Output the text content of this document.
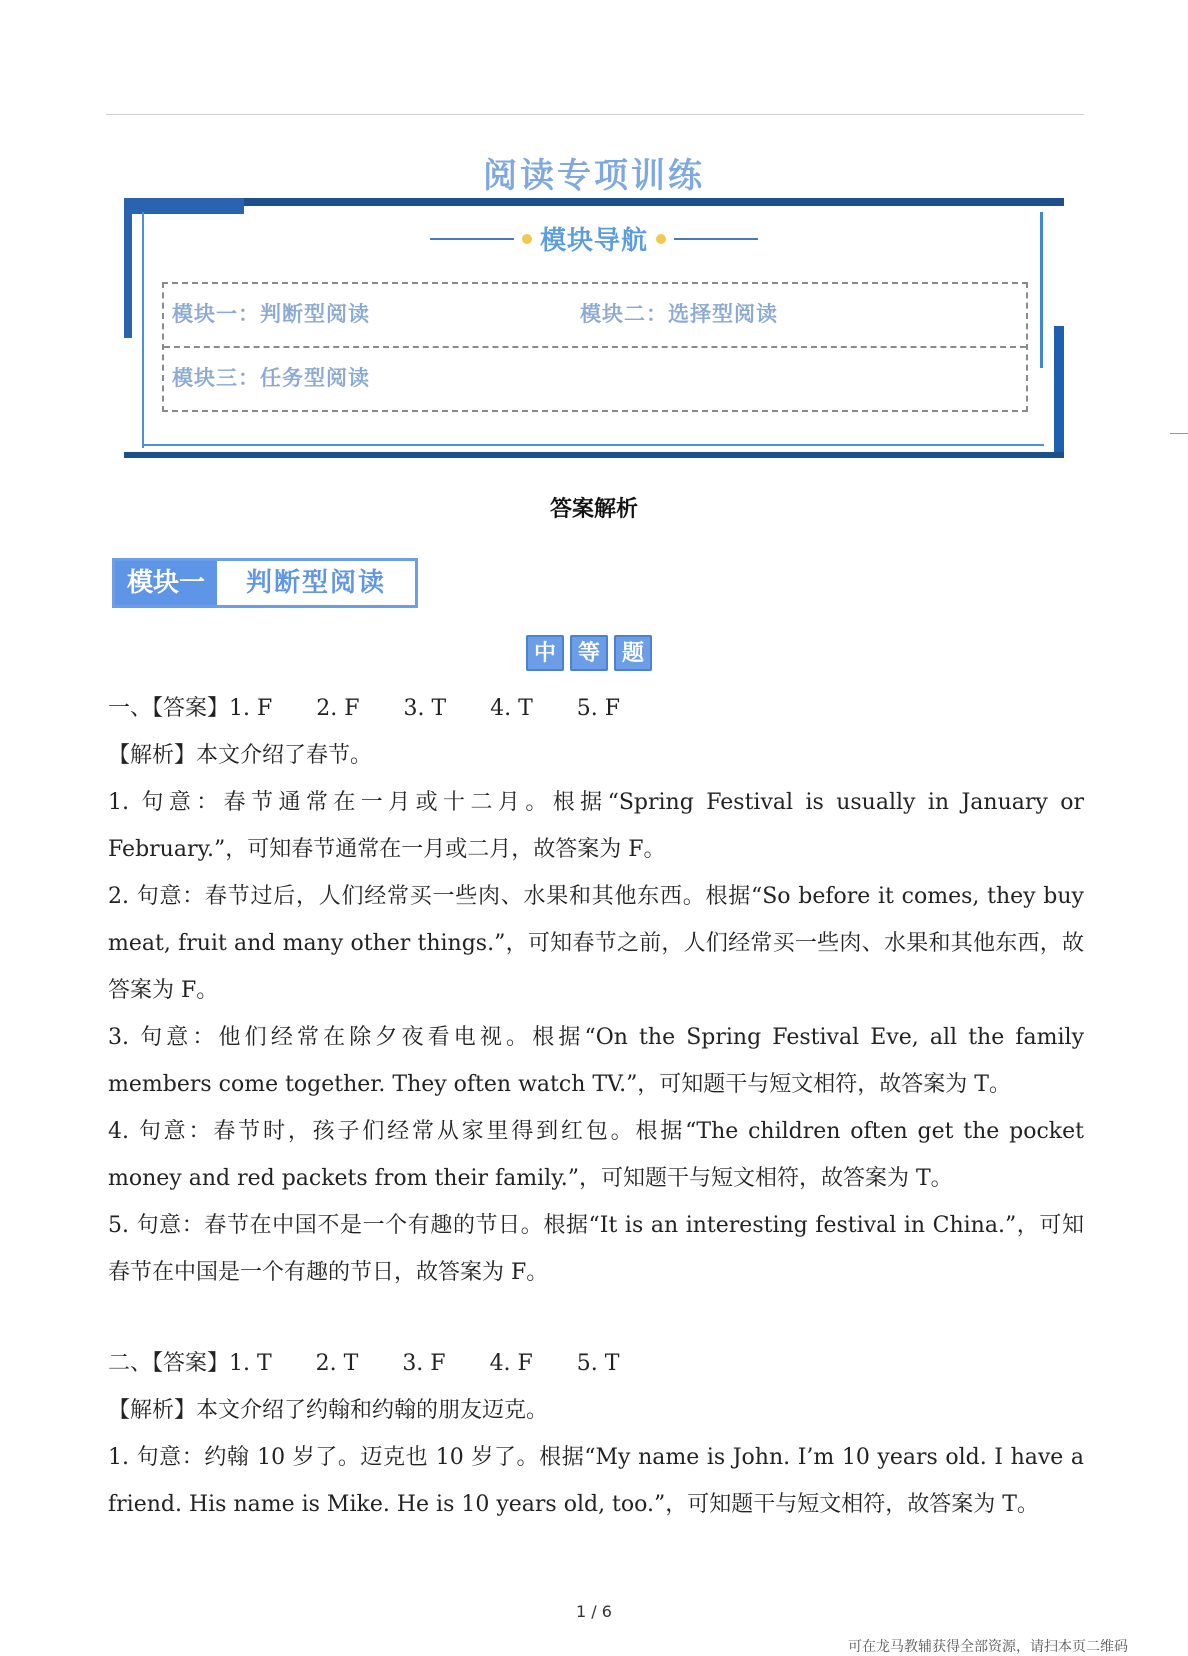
阅读专项训练
模块导航
模块一：判断型阅读	模块二：选择型阅读
模块三：任务型阅读
答案解析
模块一	判断型阅读
中 等 题

一、【答案】1. F　　2. F　　3. T　　4. T　　5. F

【解析】本文介绍了春节。

1. 句意：春节通常在一月或十二月。根据“Spring Festival is usually in January or February.”，可知春节通常在一月或二月，故答案为 F。

2. 句意：春节过后，人们经常买一些肉、水果和其他东西。根据“So before it comes, they buy meat, fruit and many other things.”，可知春节之前，人们经常买一些肉、水果和其他东西，故答案为 F。

3. 句意：他们经常在除夕夜看电视。根据“On the Spring Festival Eve, all the family members come together. They often watch TV.”，可知题干与短文相符，故答案为 T。

4. 句意：春节时，孩子们经常从家里得到红包。根据“The children often get the pocket money and red packets from their family.”，可知题干与短文相符，故答案为 T。

5. 句意：春节在中国不是一个有趣的节日。根据“It is an interesting festival in China.”，可知春节在中国是一个有趣的节日，故答案为 F。

二、【答案】1. T　　2. T　　3. F　　4. F　　5. T

【解析】本文介绍了约翰和约翰的朋友迈克。

1. 句意：约翰 10 岁了。迈克也 10 岁了。根据“My name is John. I’m 10 years old. I have a friend. His name is Mike. He is 10 years old, too.”，可知题干与短文相符，故答案为 T。

1 / 6
可在龙马教辅获得全部资源，请扫本页二维码
